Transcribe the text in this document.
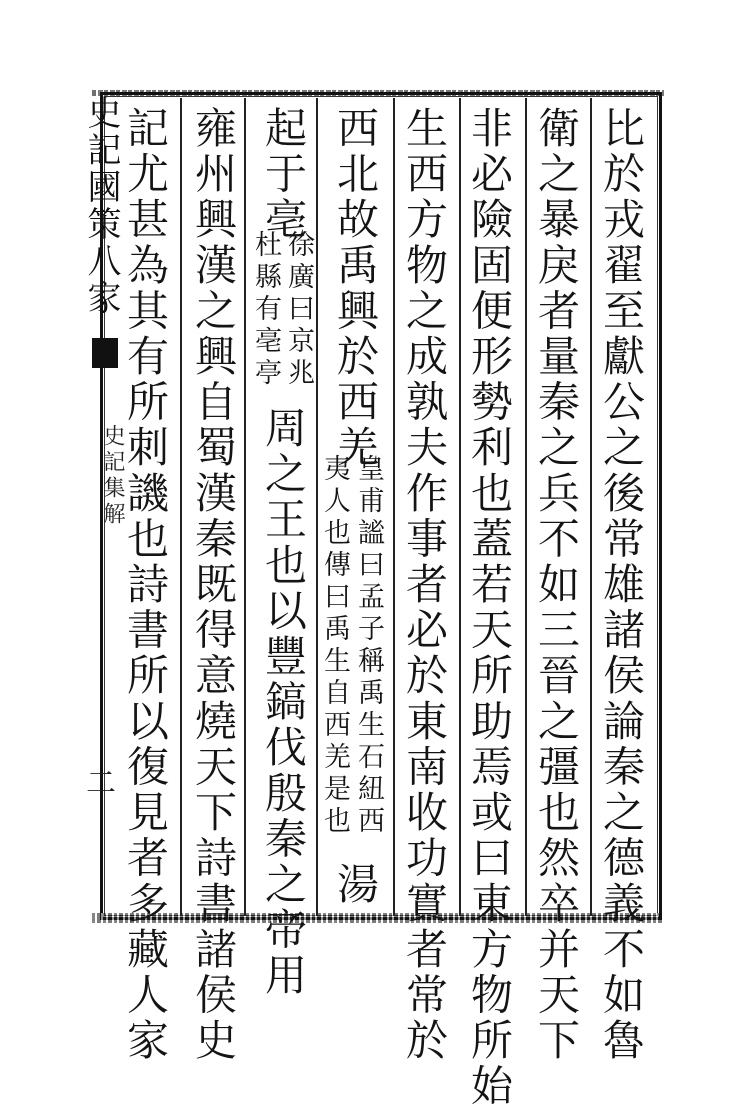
史記國策八家
史記集解
二	比於戎翟至獻公之後常雄諸侯論秦之德義不如魯
衛之暴戾者量秦之兵不如三晉之彊也然卒并天下
非必險固便形勢利也蓋若天所助焉或曰東方物所始
生西方物之成孰夫作事者必於東南收功實者常於
西北故禹興於西羌
皇甫謐曰孟子稱禹生石紐西
夷人也傳曰禹生自西羌是也
湯
起于亳
徐廣曰京兆
杜縣有亳亭
周之王也以豐鎬伐殷秦之帝用
雍州興漢之興自蜀漢秦既得意燒天下詩書諸侯史
記尤甚為其有所刺譏也詩書所以復見者多藏人家
